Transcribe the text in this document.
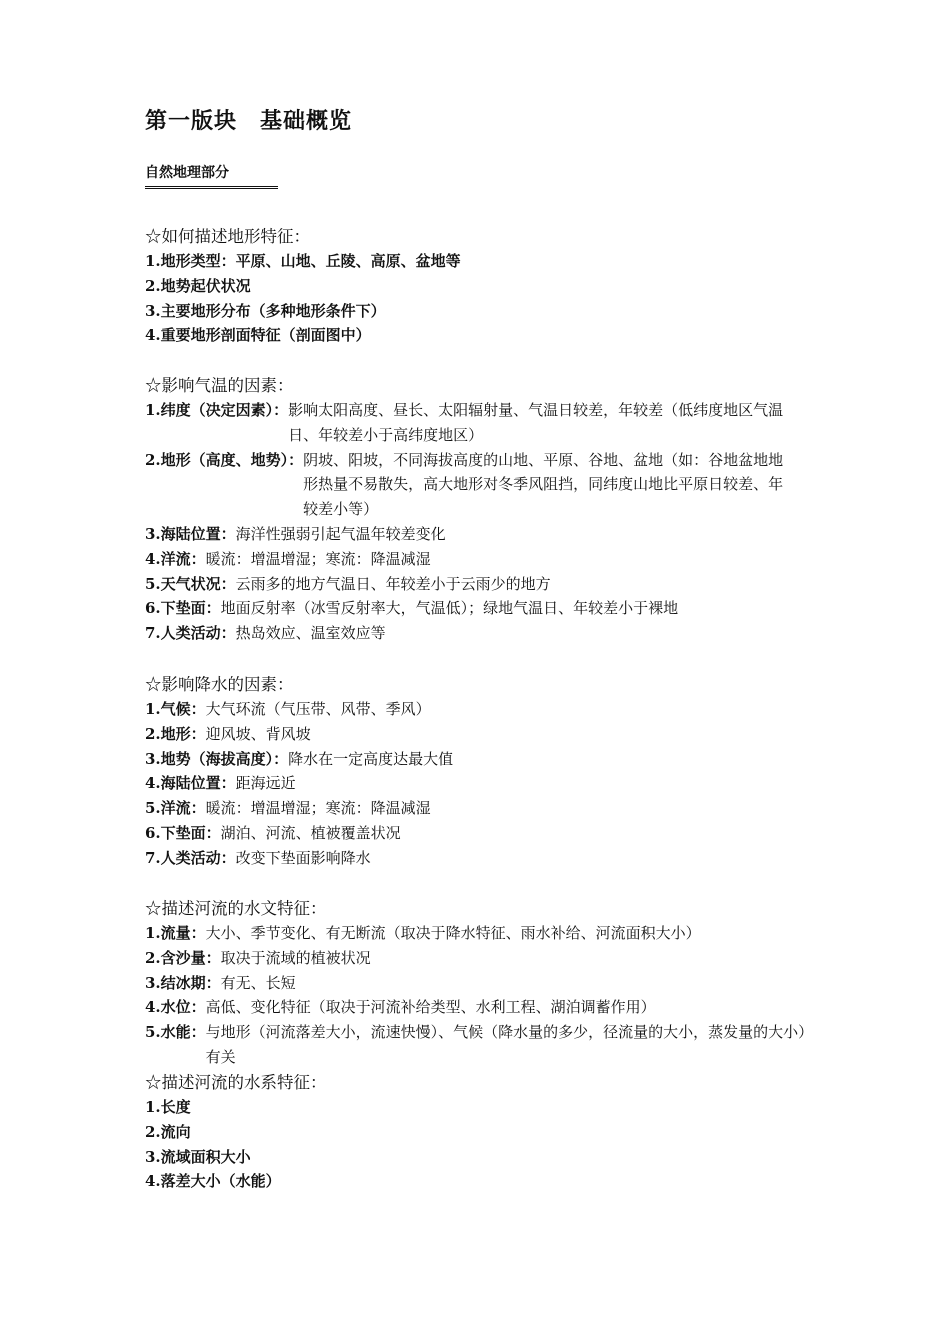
第一版块　基础概览
自然地理部分
☆如何描述地形特征：
1.地形类型：平原、山地、丘陵、高原、盆地等
2.地势起伏状况
3.主要地形分布（多种地形条件下）
4.重要地形剖面特征（剖面图中）
☆影响气温的因素：
1.纬度（决定因素）： 影响太阳高度、昼长、太阳辐射量、气温日较差，年较差（低纬度地区气温日、年较差小于高纬度地区）
2.地形（高度、地势）： 阴坡、阳坡，不同海拔高度的山地、平原、谷地、盆地（如：谷地盆地地形热量不易散失，高大地形对冬季风阻挡，同纬度山地比平原日较差、年较差小等）
3.海陆位置： 海洋性强弱引起气温年较差变化
4.洋流： 暖流：增温增湿；寒流：降温减湿
5.天气状况： 云雨多的地方气温日、年较差小于云雨少的地方
6.下垫面： 地面反射率（冰雪反射率大，气温低）；绿地气温日、年较差小于裸地
7.人类活动： 热岛效应、温室效应等
☆影响降水的因素：
1.气候： 大气环流（气压带、风带、季风）
2.地形： 迎风坡、背风坡
3.地势（海拔高度）： 降水在一定高度达最大值
4.海陆位置： 距海远近
5.洋流： 暖流：增温增湿；寒流：降温减湿
6.下垫面： 湖泊、河流、植被覆盖状况
7.人类活动： 改变下垫面影响降水
☆描述河流的水文特征：
1.流量： 大小、季节变化、有无断流（取决于降水特征、雨水补给、河流面积大小）
2.含沙量： 取决于流域的植被状况
3.结冰期： 有无、长短
4.水位： 高低、变化特征（取决于河流补给类型、水利工程、湖泊调蓄作用）
5.水能： 与地形（河流落差大小，流速快慢）、气候（降水量的多少，径流量的大小，蒸发量的大小）有关
☆描述河流的水系特征：
1.长度
2.流向
3.流域面积大小
4.落差大小（水能）
